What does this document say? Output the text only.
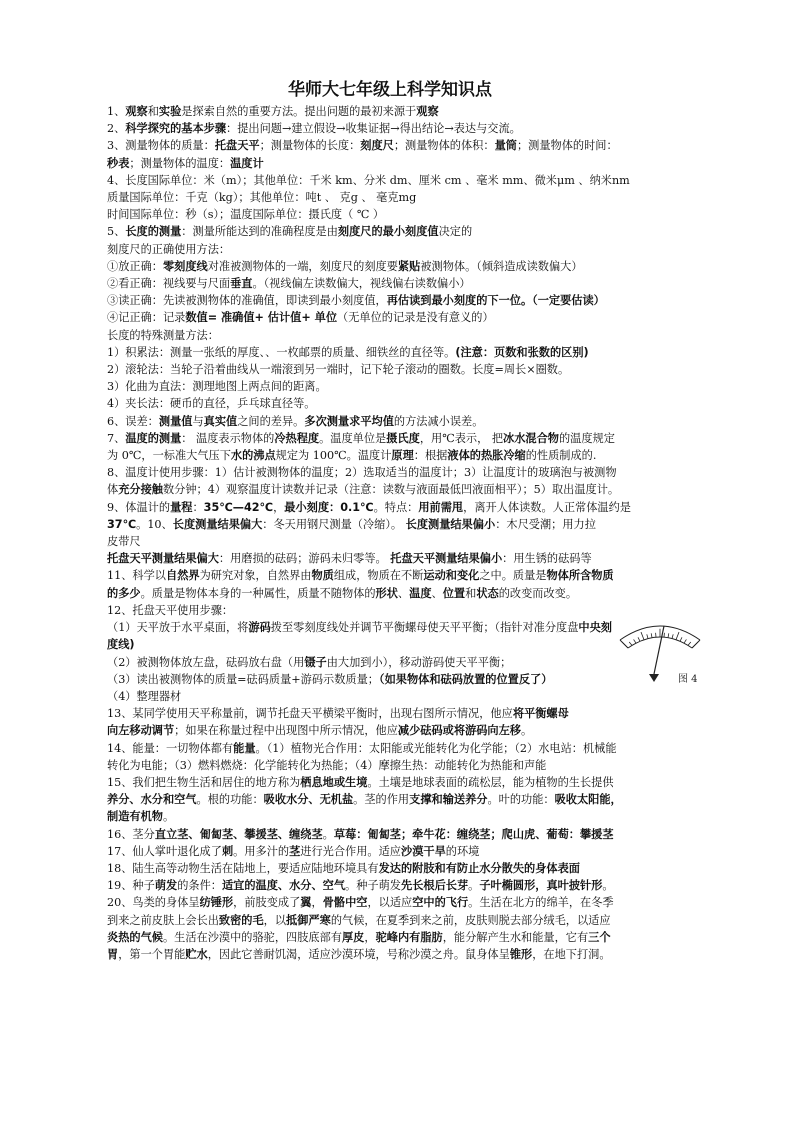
华师大七年级上科学知识点
1、观察和实验是探索自然的重要方法。提出问题的最初来源于观察
2、科学探究的基本步骤：提出问题→建立假设→收集证据→得出结论→表达与交流。
3、测量物体的质量：托盘天平；测量物体的长度：刻度尺；测量物体的体积：量筒；测量物体的时间：
秒表；测量物体的温度：温度计
4、长度国际单位：米（m）；其他单位：千米 km、分米 dm、厘米 cm 、毫米 mm、微米μm 、纳米nm
质量国际单位：千克（kg）；其他单位：吨t 、 克g 、 毫克mg
时间国际单位：秒（s）；温度国际单位：摄氏度（ ℃ ）
5、长度的测量：测量所能达到的准确程度是由刻度尺的最小刻度值决定的
刻度尺的正确使用方法：
①放正确：零刻度线对准被测物体的一端，刻度尺的刻度要紧贴被测物体。（倾斜造成读数偏大）
②看正确：视线要与尺面垂直。（视线偏左读数偏大，视线偏右读数偏小）
③读正确：先读被测物体的准确值，即读到最小刻度值，再估读到最小刻度的下一位。（一定要估读）
④记正确：记录数值= 准确值+ 估计值+ 单位（无单位的记录是没有意义的）
长度的特殊测量方法：
1）积累法：测量一张纸的厚度、、一枚邮票的质量、细铁丝的直径等。(注意：页数和张数的区别)
2）滚轮法：当轮子沿着曲线从一端滚到另一端时，记下轮子滚动的圈数。长度=周长×圈数。
3）化曲为直法：测理地图上两点间的距离。
4）夹长法：硬币的直径，乒乓球直径等。
6、误差：测量值与真实值之间的差异。多次测量求平均值的方法减小误差。
7、温度的测量： 温度表示物体的冷热程度。温度单位是摄氏度，用℃表示， 把冰水混合物的温度规定
为 0℃，一标准大气压下水的沸点规定为 100℃。温度计原理：根据液体的热胀冷缩的性质制成的.
8、温度计使用步骤：1）估计被测物体的温度；2）选取适当的温度计；3）让温度计的玻璃泡与被测物
体充分接触数分钟；4）观察温度计读数并记录（注意：读数与液面最低凹液面相平）；5）取出温度计。
9、体温计的量程：35℃—42℃，最小刻度：0.1℃。特点：用前需甩，离开人体读数。人正常体温约是
37℃。10、长度测量结果偏大：冬天用钢尺测量（冷缩）。 长度测量结果偏小：木尺受潮；用力拉
皮带尺
托盘天平测量结果偏大：用磨损的砝码；游码未归零等。 托盘天平测量结果偏小：用生锈的砝码等
11、科学以自然界为研究对象，自然界由物质组成，物质在不断运动和变化之中。质量是物体所含物质
的多少。质量是物体本身的一种属性，质量不随物体的形状、温度、位置和状态的改变而改变。
12、托盘天平使用步骤：
（1）天平放于水平桌面，将游码拨至零刻度线处并调节平衡螺母使天平平衡；（指针对准分度盘中央刻
度线)
（2）被测物体放左盘，砝码放右盘（用镊子由大加到小），移动游码使天平平衡；
（3）读出被测物体的质量=砝码质量+游码示数质量；（如果物体和砝码放置的位置反了）
（4）整理器材
13、某同学使用天平称量前，调节托盘天平横梁平衡时，出现右图所示情况，他应将平衡螺母
向左移动调节；如果在称量过程中出现图中所示情况，他应减少砝码或将游码向左移。
14、能量：一切物体都有能量。（1）植物光合作用：太阳能或光能转化为化学能；（2）水电站：机械能
转化为电能；（3）燃料燃烧：化学能转化为热能；（4）摩擦生热：动能转化为热能和声能
15、我们把生物生活和居住的地方称为栖息地或生境。土壤是地球表面的疏松层，能为植物的生长提供
养分、水分和空气。根的功能：吸收水分、无机盐。茎的作用支撑和输送养分。叶的功能：吸收太阳能，
制造有机物。
16、茎分直立茎、匍匐茎、攀援茎、缠绕茎。草莓：匍匐茎；牵牛花：缠绕茎；爬山虎、葡萄：攀援茎
17、仙人掌叶退化成了刺。用多汁的茎进行光合作用。适应沙漠干旱的环境
18、陆生高等动物生活在陆地上，要适应陆地环境具有发达的附肢和有防止水分散失的身体表面
19、种子萌发的条件：适宜的温度、水分、空气。种子萌发先长根后长芽。子叶椭圆形，真叶披针形。
20、鸟类的身体呈纺锤形，前肢变成了翼，骨骼中空，以适应空中的飞行。生活在北方的绵羊，在冬季
到来之前皮肤上会长出致密的毛，以抵御严寒的气候，在夏季到来之前，皮肤则脱去部分绒毛，以适应
炎热的气候。生活在沙漠中的骆驼，四肢底部有厚皮，驼峰内有脂肪，能分解产生水和能量，它有三个
胃，第一个胃能贮水，因此它善耐饥渴，适应沙漠环境，号称沙漠之舟。鼠身体呈锥形，在地下打洞。
图 4
